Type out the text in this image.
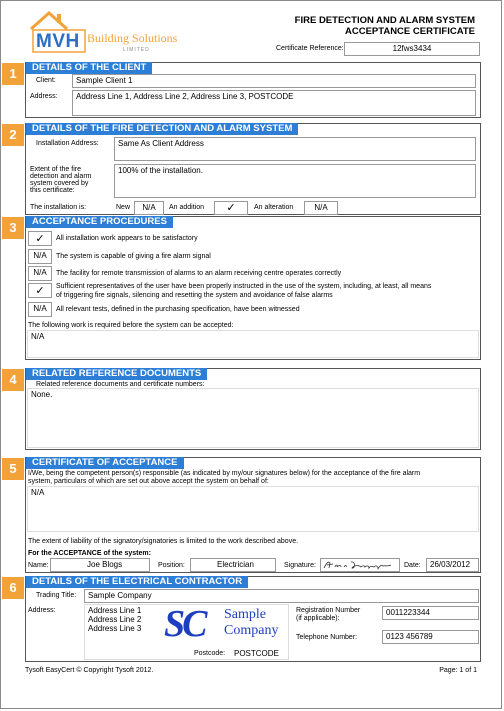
MVH Building Solutions
LIMITED
FIRE DETECTION AND ALARM SYSTEM
ACCEPTANCE CERTIFICATE
Certificate Reference:	12fws3434
1	DETAILS OF THE CLIENT
Client:	Sample Client 1
Address:	Address Line 1, Address Line 2, Address Line 3, POSTCODE
2	DETAILS OF THE FIRE DETECTION AND ALARM SYSTEM
Installation Address:	Same As Client Address
Extent of the fire
detection and alarm
system covered by
this certificate:
100% of the installation.
The installation is:	New	N/A	An addition	✓	An alteration	N/A
3	ACCEPTANCE PROCEDURES
✓	All installation work appears to be satisfactory
N/A	The system is capable of giving a fire alarm signal
N/A	The facility for remote transmission of alarms to an alarm receiving centre operates correctly
✓	Sufficient representatives of the user have been properly instructed in the use of the system, including, at least, all means
of triggering fire signals, silencing and resetting the system and avoidance of false alarms
N/A	All relevant tests, defined in the purchasing specification, have been witnessed
The following work is required before the system can be accepted:
N/A
4	RELATED REFERENCE DOCUMENTS
Related reference documents and certificate numbers:
None.
5	CERTIFICATE OF ACCEPTANCE
I/We, being the competent person(s) responsible (as indicated by my/our signatures below) for the acceptance of the fire alarm
system, particulars of which are set out above accept the system on behalf of:
N/A
The extent of liability of the signatory/signatories is limited to the work described above.
For the ACCEPTANCE of the system:
Name:	Joe Blogs	Position:	Electrician	Signature:	Date:	26/03/2012
6	DETAILS OF THE ELECTRICAL CONTRACTOR
Trading Title:	Sample Company
Address:	Address Line 1
Address Line 2
Address Line 3 SC Sample
Company
Postcode: POSTCODE
Registration Number
(if applicable):
0011223344
Telephone Number:	0123 456789
Tysoft EasyCert © Copyright Tysoft 2012.	Page: 1 of 1
